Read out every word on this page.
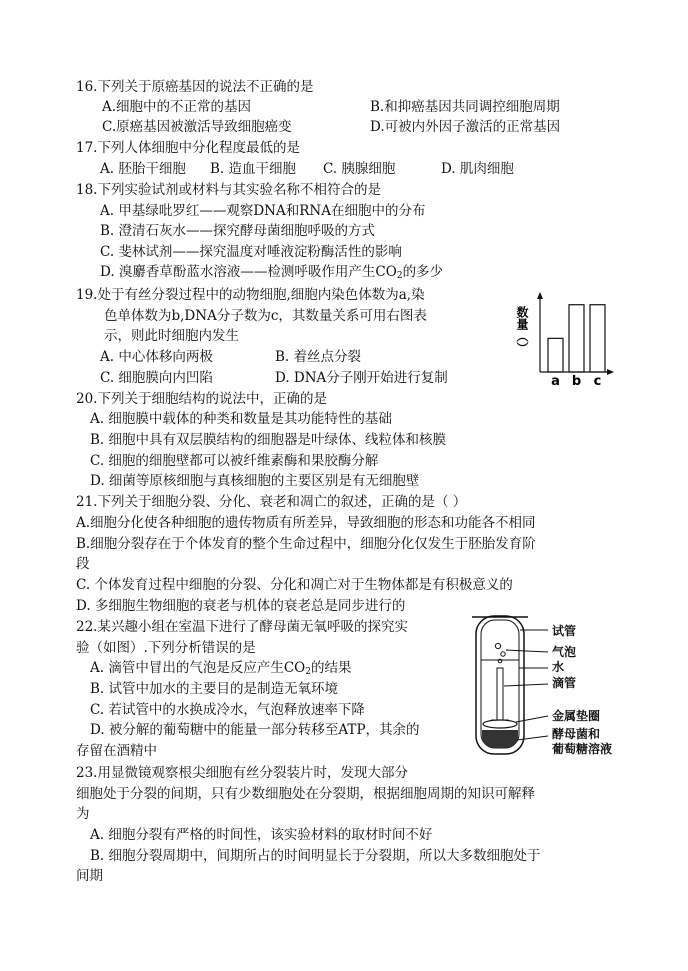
16.下列关于原癌基因的说法不正确的是
A.细胞中的不正常的基因	B.和抑癌基因共同调控细胞周期
C.原癌基因被激活导致细胞癌变	D.可被内外因子激活的正常基因
17.下列人体细胞中分化程度最低的是
A. 胚胎干细胞 B. 造血干细胞 C. 胰腺细胞	D. 肌肉细胞
18.下列实验试剂或材料与其实验名称不相符合的是
A. 甲基绿吡罗红——观察DNA和RNA在细胞中的分布
B. 澄清石灰水——探究酵母菌细胞呼吸的方式
C. 斐林试剂——探究温度对唾液淀粉酶活性的影响
D. 溴麝香草酚蓝水溶液——检测呼吸作用产生$CO_2$的多少
19.处于有丝分裂过程中的动物细胞,细胞内染色体数为a,染
色单体数为b,DNA分子数为c，其数量关系可用右图表
示，则此时细胞内发生
A. 中心体移向两极	B. 着丝点分裂
C. 细胞膜向内凹陷	D. DNA分子刚开始进行复制
数量（）
a b c
20.下列关于细胞结构的说法中，正确的是
A. 细胞膜中载体的种类和数量是其功能特性的基础
B. 细胞中具有双层膜结构的细胞器是叶绿体、线粒体和核膜
C. 细胞的细胞壁都可以被纤维素酶和果胶酶分解
D. 细菌等原核细胞与真核细胞的主要区别是有无细胞壁
21.下列关于细胞分裂、分化、衰老和凋亡的叙述，正确的是（ ）
A.细胞分化使各种细胞的遗传物质有所差异，导致细胞的形态和功能各不相同
B.细胞分裂存在于个体发育的整个生命过程中，细胞分化仅发生于胚胎发育阶
段
C. 个体发育过程中细胞的分裂、分化和凋亡对于生物体都是有积极意义的
D. 多细胞生物细胞的衰老与机体的衰老总是同步进行的
22.某兴趣小组在室温下进行了酵母菌无氧呼吸的探究实
验（如图）.下列分析错误的是
A. 滴管中冒出的气泡是反应产生$CO_2$的结果
B. 试管中加水的主要目的是制造无氧环境
C. 若试管中的水换成冷水，气泡释放速率下降
D. 被分解的葡萄糖中的能量一部分转移至ATP，其余的
存留在酒精中
试管
气泡
水
滴管
金属垫圈
酵母菌和
葡萄糖溶液
23.用显微镜观察根尖细胞有丝分裂装片时，发现大部分
细胞处于分裂的间期，只有少数细胞处在分裂期，根据细胞周期的知识可解释
为
A. 细胞分裂有严格的时间性，该实验材料的取材时间不好
B. 细胞分裂周期中，间期所占的时间明显长于分裂期，所以大多数细胞处于
间期
